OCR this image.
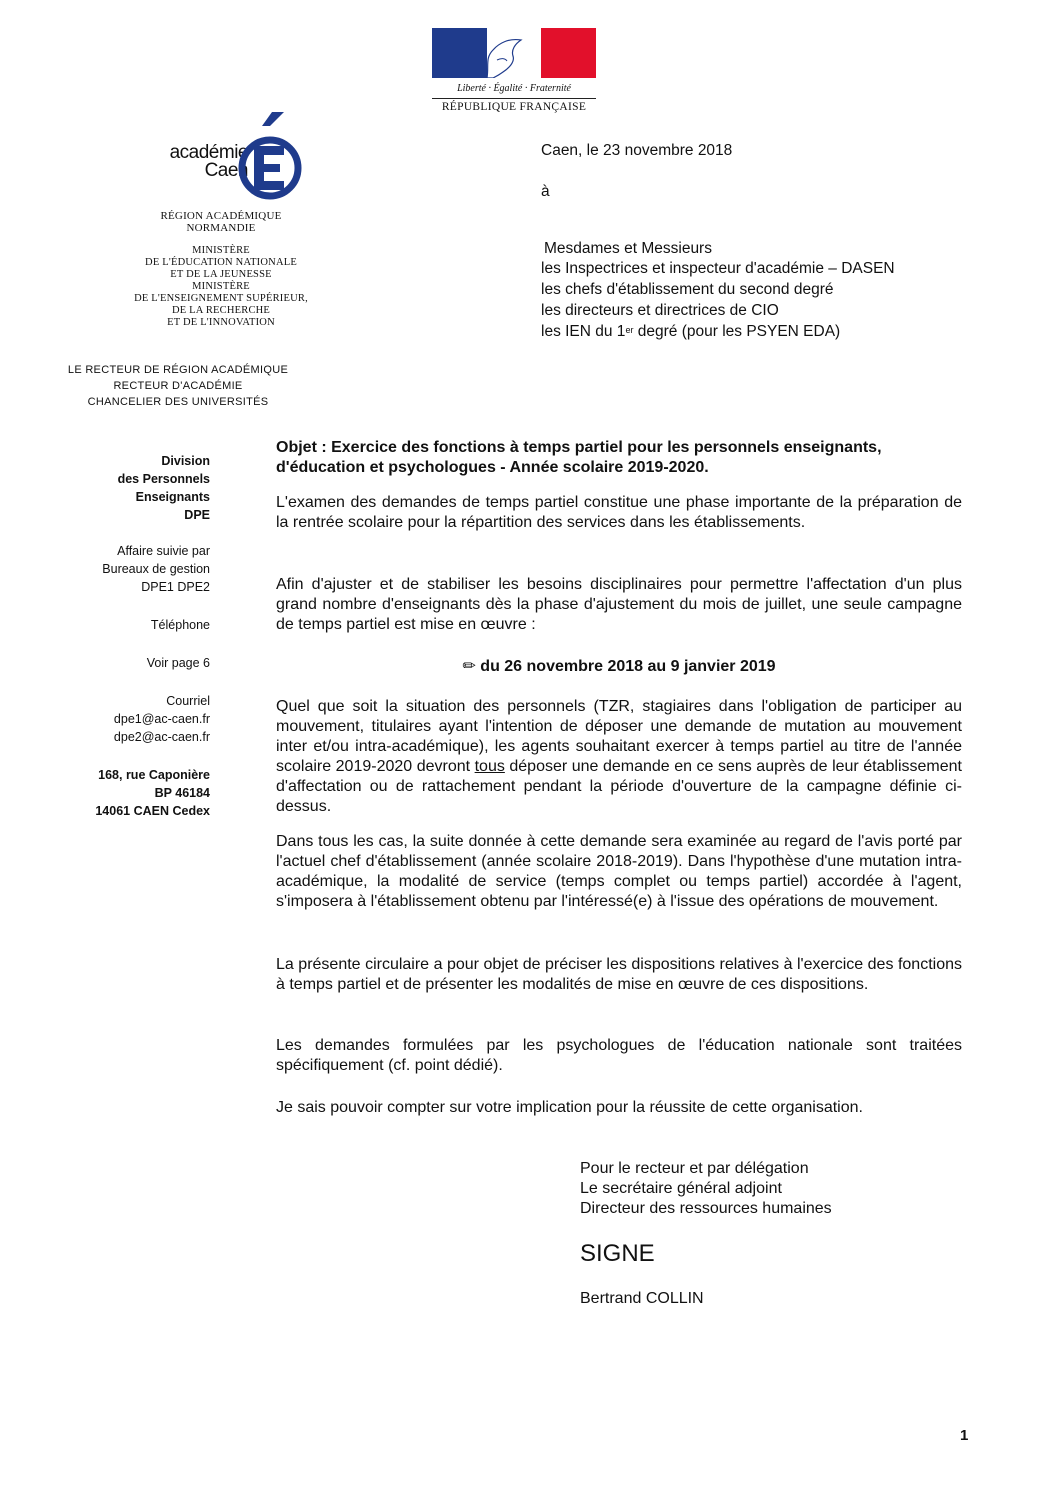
Liberté · Égalité · Fraternité
RÉPUBLIQUE FRANÇAISE
académie
Caen
RÉGION ACADÉMIQUE
NORMANDIE
MINISTÈRE
DE L'ÉDUCATION NATIONALE
ET DE LA JEUNESSE
MINISTÈRE
DE L'ENSEIGNEMENT SUPÉRIEUR,
DE LA RECHERCHE
ET DE L'INNOVATION
LE RECTEUR DE RÉGION ACADÉMIQUE
RECTEUR D'ACADÉMIE
CHANCELIER DES UNIVERSITÉS
Division
des Personnels
Enseignants
DPE
Affaire suivie par
Bureaux de gestion
DPE1 DPE2
Téléphone
Voir page 6
Courriel
dpe1@ac-caen.fr
dpe2@ac-caen.fr
168, rue Caponière
BP 46184
14061 CAEN Cedex
Caen, le 23 novembre 2018
à
Mesdames et Messieurs
les Inspectrices et inspecteur d'académie – DASEN
les chefs d'établissement du second degré
les directeurs et directrices de CIO
les IEN du 1er degré (pour les PSYEN EDA)
Objet : Exercice des fonctions à temps partiel pour les personnels enseignants, d'éducation et psychologues - Année scolaire 2019-2020.
L'examen des demandes de temps partiel constitue une phase importante de la préparation de la rentrée scolaire pour la répartition des services dans les établissements.
Afin d'ajuster et de stabiliser les besoins disciplinaires pour permettre l'affectation d'un plus grand nombre d'enseignants dès la phase d'ajustement du mois de juillet, une seule campagne de temps partiel est mise en œuvre :
✏ du 26 novembre 2018 au 9 janvier 2019
Quel que soit la situation des personnels (TZR, stagiaires dans l'obligation de participer au mouvement, titulaires ayant l'intention de déposer une demande de mutation au mouvement inter et/ou intra-académique), les agents souhaitant exercer à temps partiel au titre de l'année scolaire 2019-2020 devront tous déposer une demande en ce sens auprès de leur établissement d'affectation ou de rattachement pendant la période d'ouverture de la campagne définie ci-dessus.
Dans tous les cas, la suite donnée à cette demande sera examinée au regard de l'avis porté par l'actuel chef d'établissement (année scolaire 2018-2019). Dans l'hypothèse d'une mutation intra-académique, la modalité de service (temps complet ou temps partiel) accordée à l'agent, s'imposera à l'établissement obtenu par l'intéressé(e) à l'issue des opérations de mouvement.
La présente circulaire a pour objet de préciser les dispositions relatives à l'exercice des fonctions à temps partiel et de présenter les modalités de mise en œuvre de ces dispositions.
Les demandes formulées par les psychologues de l'éducation nationale sont traitées spécifiquement (cf. point dédié).
Je sais pouvoir compter sur votre implication pour la réussite de cette organisation.
Pour le recteur et par délégation
Le secrétaire général adjoint
Directeur des ressources humaines
SIGNE
Bertrand COLLIN
1
